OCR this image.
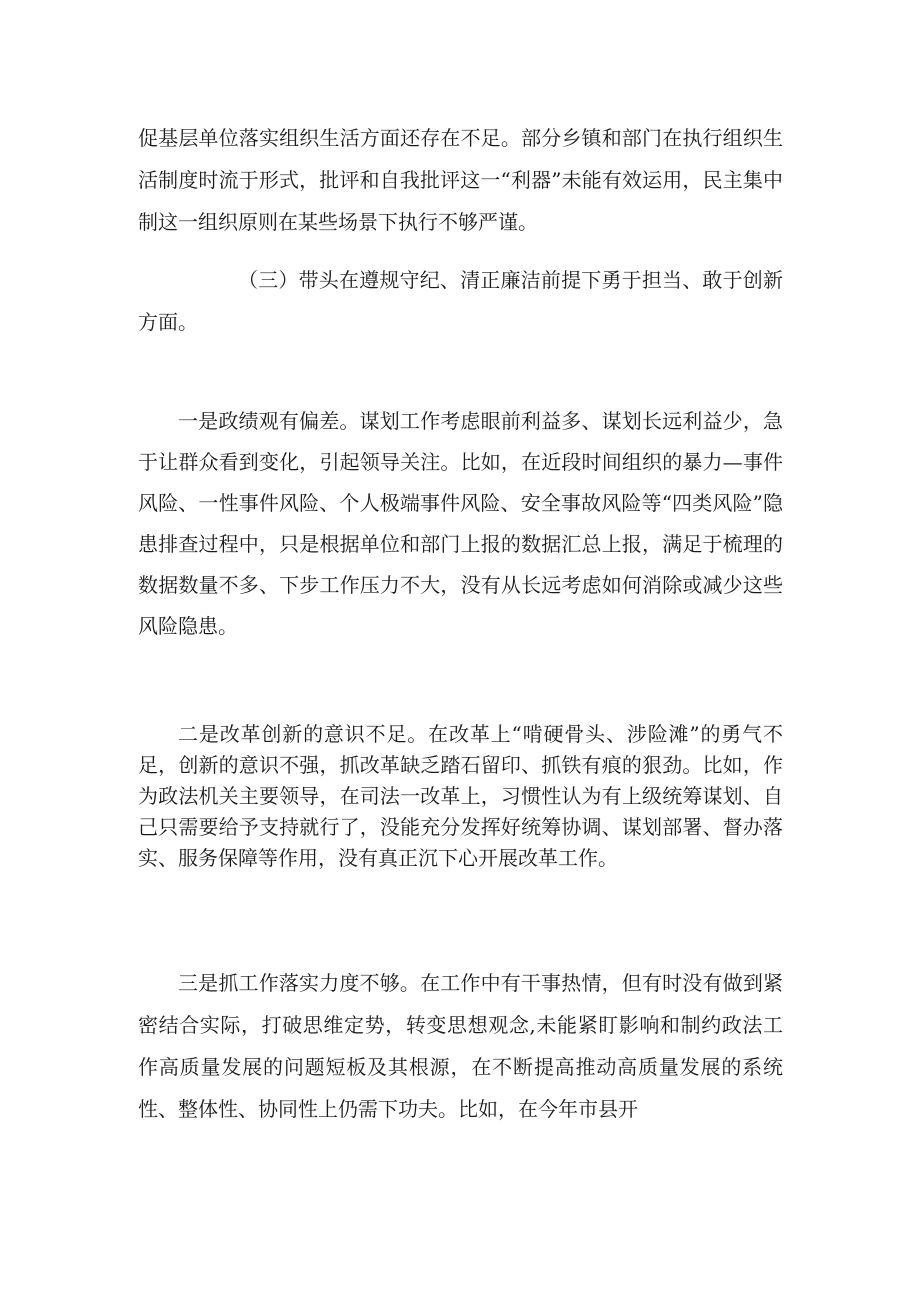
促基层单位落实组织生活方面还存在不足。部分乡镇和部门在执行组织生活制度时流于形式，批评和自我批评这一“利器”未能有效运用，民主集中制这一组织原则在某些场景下执行不够严谨。

（三）带头在遵规守纪、清正廉洁前提下勇于担当、敢于创新方面。

一是政绩观有偏差。谋划工作考虑眼前利益多、谋划长远利益少，急于让群众看到变化，引起领导关注。比如，在近段时间组织的暴力—事件风险、一性事件风险、个人极端事件风险、安全事故风险等“四类风险”隐患排查过程中，只是根据单位和部门上报的数据汇总上报，满足于梳理的数据数量不多、下步工作压力不大，没有从长远考虑如何消除或减少这些风险隐患。

二是改革创新的意识不足。在改革上“啃硬骨头、涉险滩”的勇气不足，创新的意识不强，抓改革缺乏踏石留印、抓铁有痕的狠劲。比如，作为政法机关主要领导，在司法一改革上，习惯性认为有上级统筹谋划、自己只需要给予支持就行了，没能充分发挥好统筹协调、谋划部署、督办落实、服务保障等作用，没有真正沉下心开展改革工作。

三是抓工作落实力度不够。在工作中有干事热情，但有时没有做到紧密结合实际，打破思维定势，转变思想观念,未能紧盯影响和制约政法工作高质量发展的问题短板及其根源，在不断提高推动高质量发展的系统性、整体性、协同性上仍需下功夫。比如，在今年市县开
